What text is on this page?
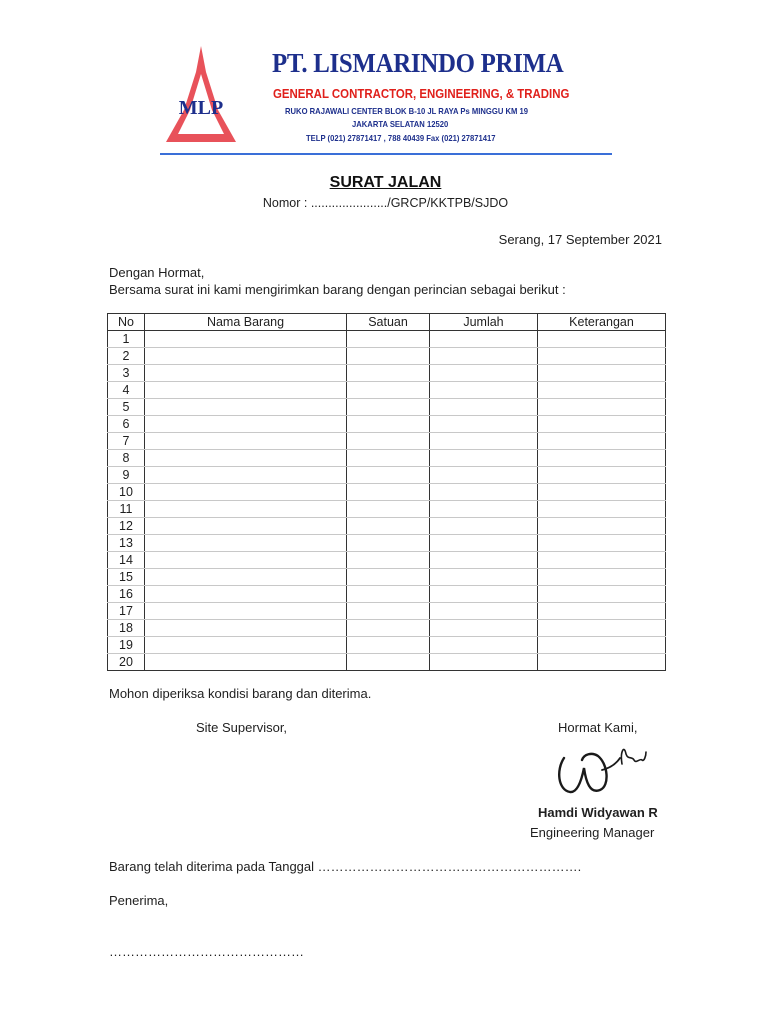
MLP
PT. LISMARINDO PRIMA
GENERAL CONTRACTOR, ENGINEERING, & TRADING
RUKO RAJAWALI CENTER BLOK B-10 JL RAYA Ps MINGGU KM 19
JAKARTA SELATAN 12520
TELP (021) 27871417 , 788 40439 Fax (021) 27871417
SURAT JALAN
Nomor : ....................../GRCP/KKTPB/SJDO
Serang, 17 September 2021
Dengan Hormat,
Bersama surat ini kami mengirimkan barang dengan perincian sebagai berikut :
No	Nama Barang	Satuan	Jumlah	Keterangan
1				
2				
3				
4				
5				
6				
7				
8				
9				
10				
11				
12				
13				
14				
15				
16				
17				
18				
19				
20				
Mohon diperiksa kondisi barang dan diterima.
Site Supervisor,	Hormat Kami,
Hamdi Widyawan R
Engineering Manager
Barang telah diterima pada Tanggal …………………………………………………….
Penerima,
………………………………………
